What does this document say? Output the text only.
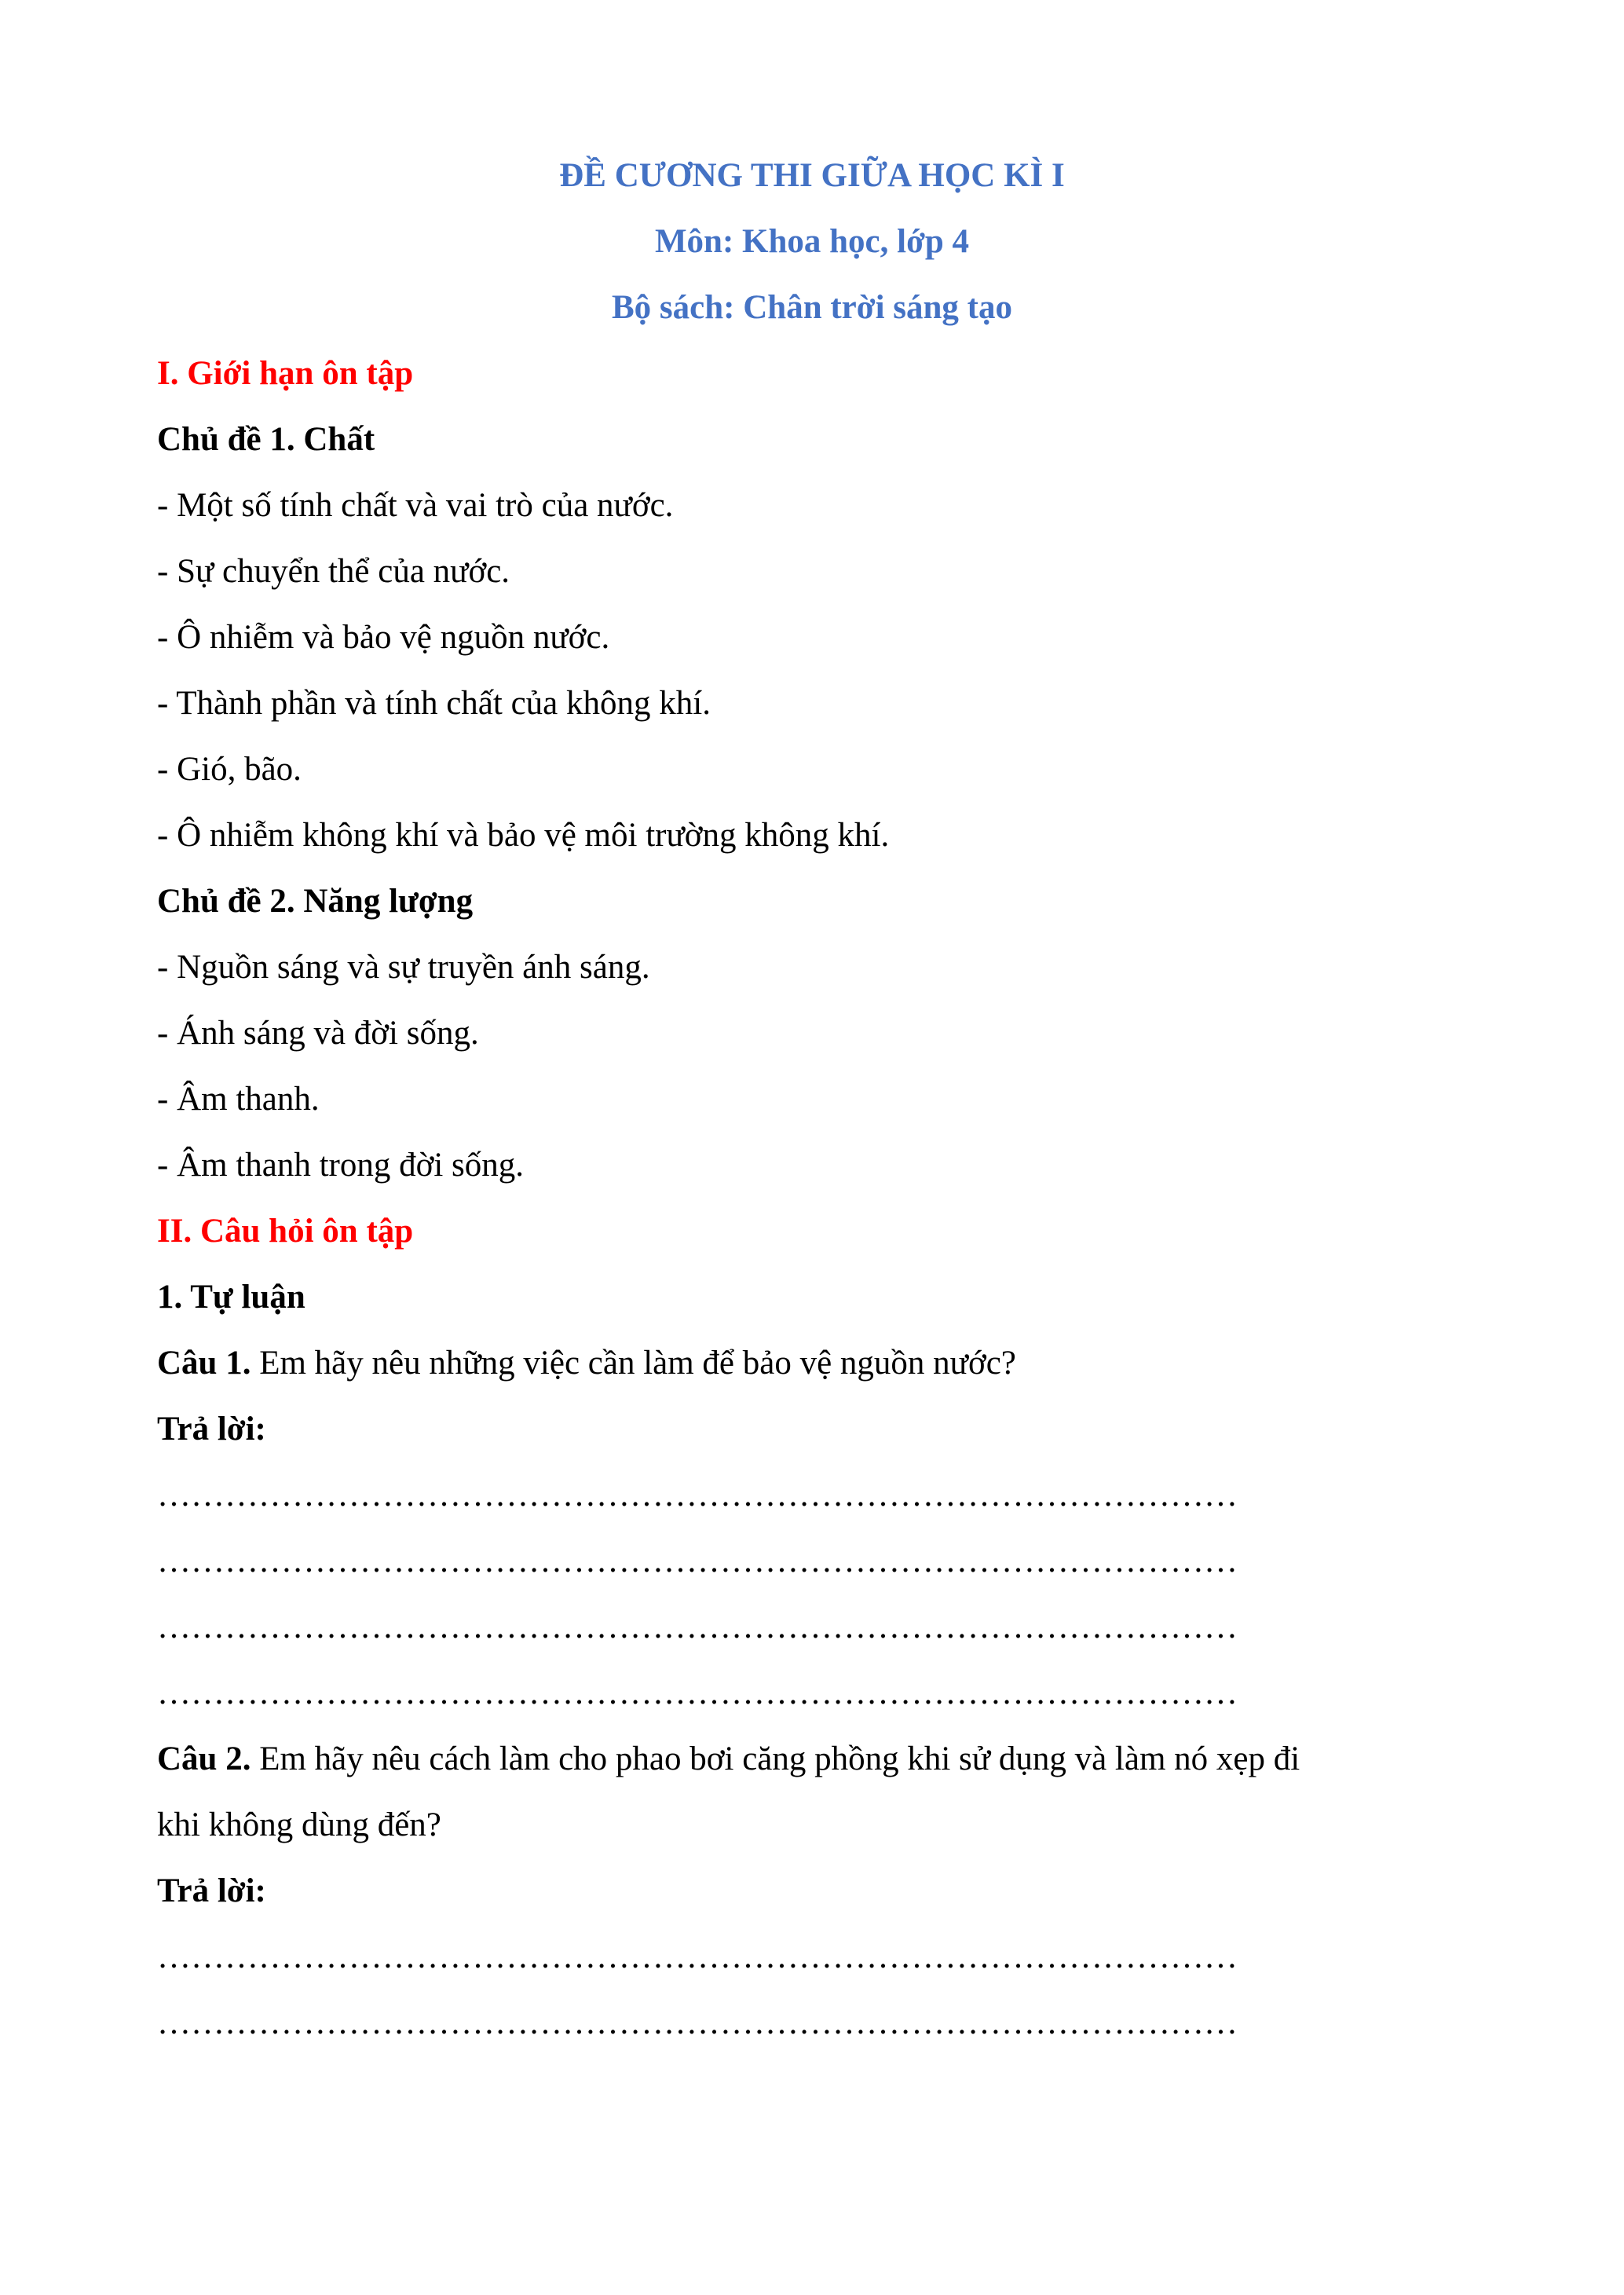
ĐỀ CƯƠNG THI GIỮA HỌC KÌ I
Môn: Khoa học, lớp 4
Bộ sách: Chân trời sáng tạo
I. Giới hạn ôn tập
Chủ đề 1. Chất
- Một số tính chất và vai trò của nước.
- Sự chuyển thể của nước.
- Ô nhiễm và bảo vệ nguồn nước.
- Thành phần và tính chất của không khí.
- Gió, bão.
- Ô nhiễm không khí và bảo vệ môi trường không khí.
Chủ đề 2. Năng lượng
- Nguồn sáng và sự truyền ánh sáng.
- Ánh sáng và đời sống.
- Âm thanh.
- Âm thanh trong đời sống.
II. Câu hỏi ôn tập
1. Tự luận
Câu 1. Em hãy nêu những việc cần làm để bảo vệ nguồn nước?
Trả lời:
……………………………………………………………………………………
……………………………………………………………………………………
……………………………………………………………………………………
……………………………………………………………………………………
Câu 2. Em hãy nêu cách làm cho phao bơi căng phồng khi sử dụng và làm nó xẹp đi
khi không dùng đến?
Trả lời:
……………………………………………………………………………………
……………………………………………………………………………………
